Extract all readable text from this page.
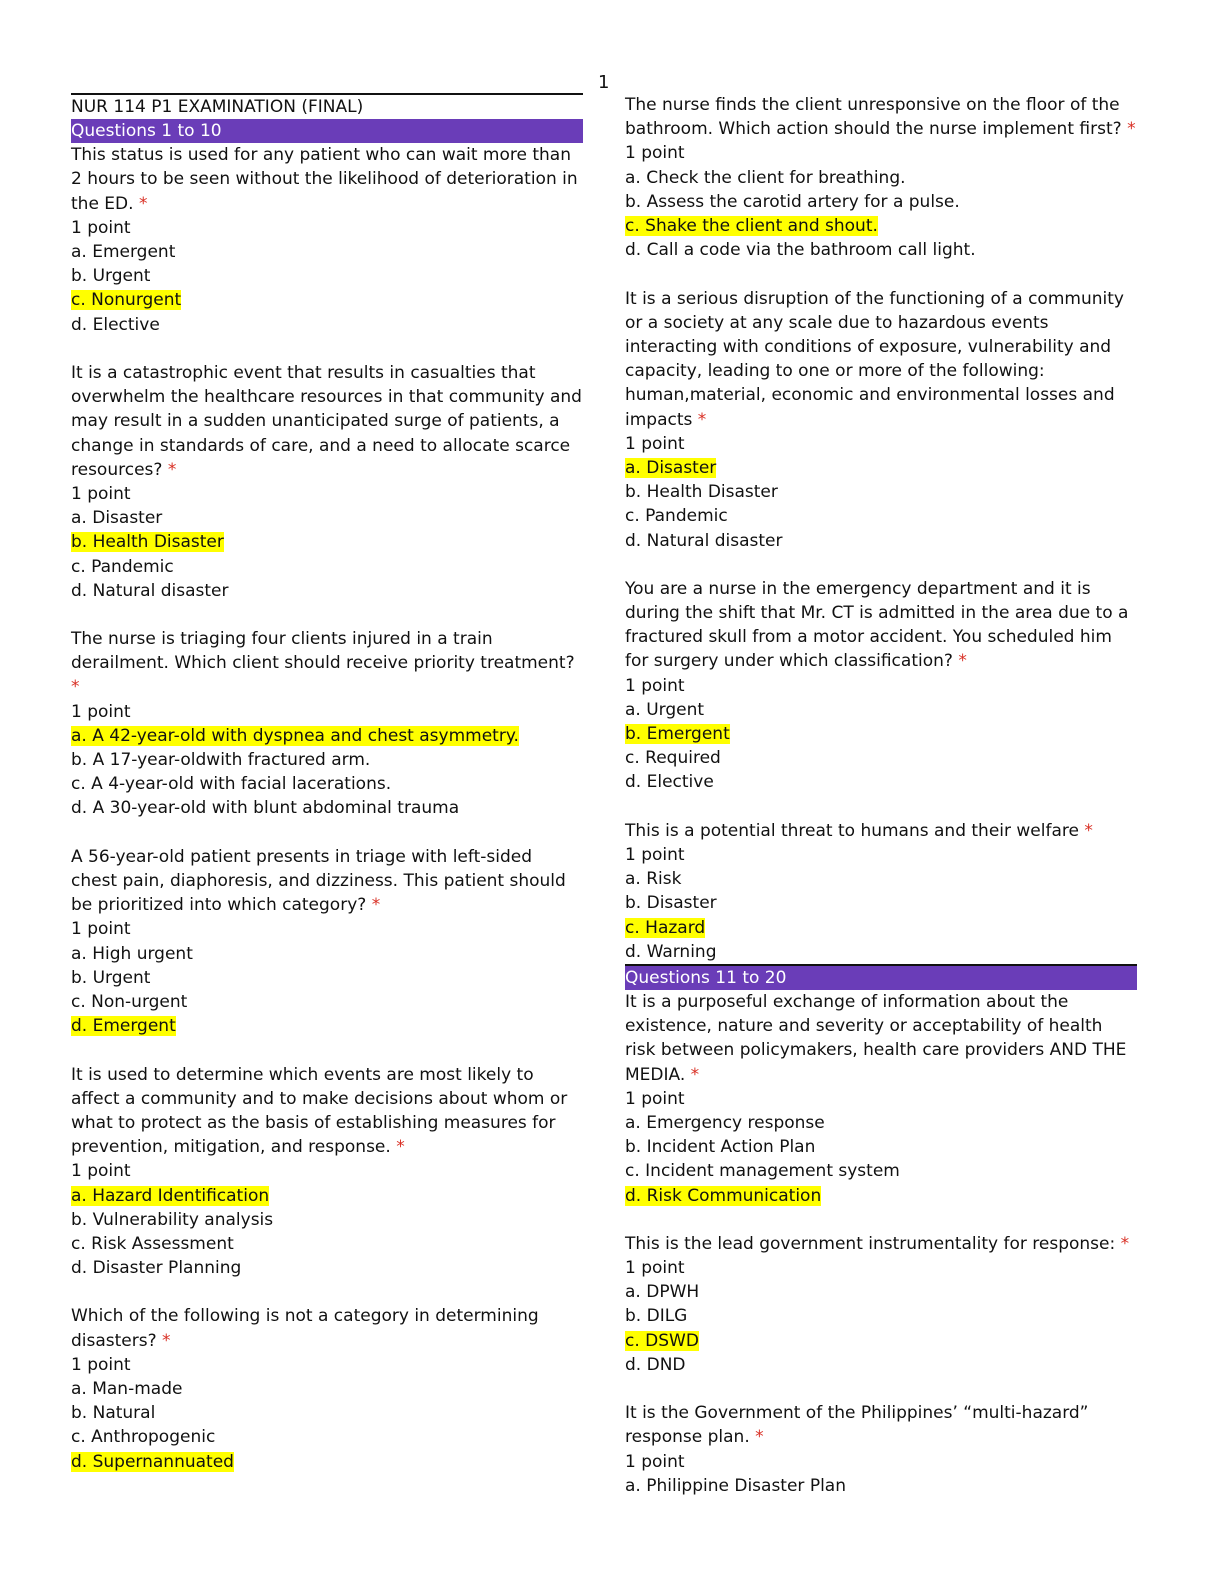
1
NUR 114 P1 EXAMINATION (FINAL)
Questions 1 to 10
This status is used for any patient who can wait more than 2 hours to be seen without the likelihood of deterioration in the ED. *
1 point
a. Emergent
b. Urgent
c. Nonurgent
d. Elective
It is a catastrophic event that results in casualties that overwhelm the healthcare resources in that community and may result in a sudden unanticipated surge of patients, a change in standards of care, and a need to allocate scarce resources? *
1 point
a. Disaster
b. Health Disaster
c. Pandemic
d. Natural disaster
The nurse is triaging four clients injured in a train derailment. Which client should receive priority treatment? *
1 point
a. A 42-year-old with dyspnea and chest asymmetry.
b. A 17-year-oldwith fractured arm.
c. A 4-year-old with facial lacerations.
d. A 30-year-old with blunt abdominal trauma
A 56-year-old patient presents in triage with left-sided chest pain, diaphoresis, and dizziness. This patient should be prioritized into which category? *
1 point
a. High urgent
b. Urgent
c. Non-urgent
d. Emergent
It is used to determine which events are most likely to affect a community and to make decisions about whom or what to protect as the basis of establishing measures for prevention, mitigation, and response. *
1 point
a. Hazard Identification
b. Vulnerability analysis
c. Risk Assessment
d. Disaster Planning
Which of the following is not a category in determining disasters? *
1 point
a. Man-made
b. Natural
c. Anthropogenic
d. Supernannuated
The nurse finds the client unresponsive on the floor of the bathroom. Which action should the nurse implement first? *
1 point
a. Check the client for breathing.
b. Assess the carotid artery for a pulse.
c. Shake the client and shout.
d. Call a code via the bathroom call light.
It is a serious disruption of the functioning of a community or a society at any scale due to hazardous events interacting with conditions of exposure, vulnerability and capacity, leading to one or more of the following: human,material, economic and environmental losses and impacts *
1 point
a. Disaster
b. Health Disaster
c. Pandemic
d. Natural disaster
You are a nurse in the emergency department and it is during the shift that Mr. CT is admitted in the area due to a fractured skull from a motor accident. You scheduled him for surgery under which classification? *
1 point
a. Urgent
b. Emergent
c. Required
d. Elective
This is a potential threat to humans and their welfare *
1 point
a. Risk
b. Disaster
c. Hazard
d. Warning
Questions 11 to 20
It is a purposeful exchange of information about the existence, nature and severity or acceptability of health risk between policymakers, health care providers AND THE MEDIA. *
1 point
a. Emergency response
b. Incident Action Plan
c. Incident management system
d. Risk Communication
This is the lead government instrumentality for response: *
1 point
a. DPWH
b. DILG
c. DSWD
d. DND
It is the Government of the Philippines’ “multi-hazard” response plan. *
1 point
a. Philippine Disaster Plan
